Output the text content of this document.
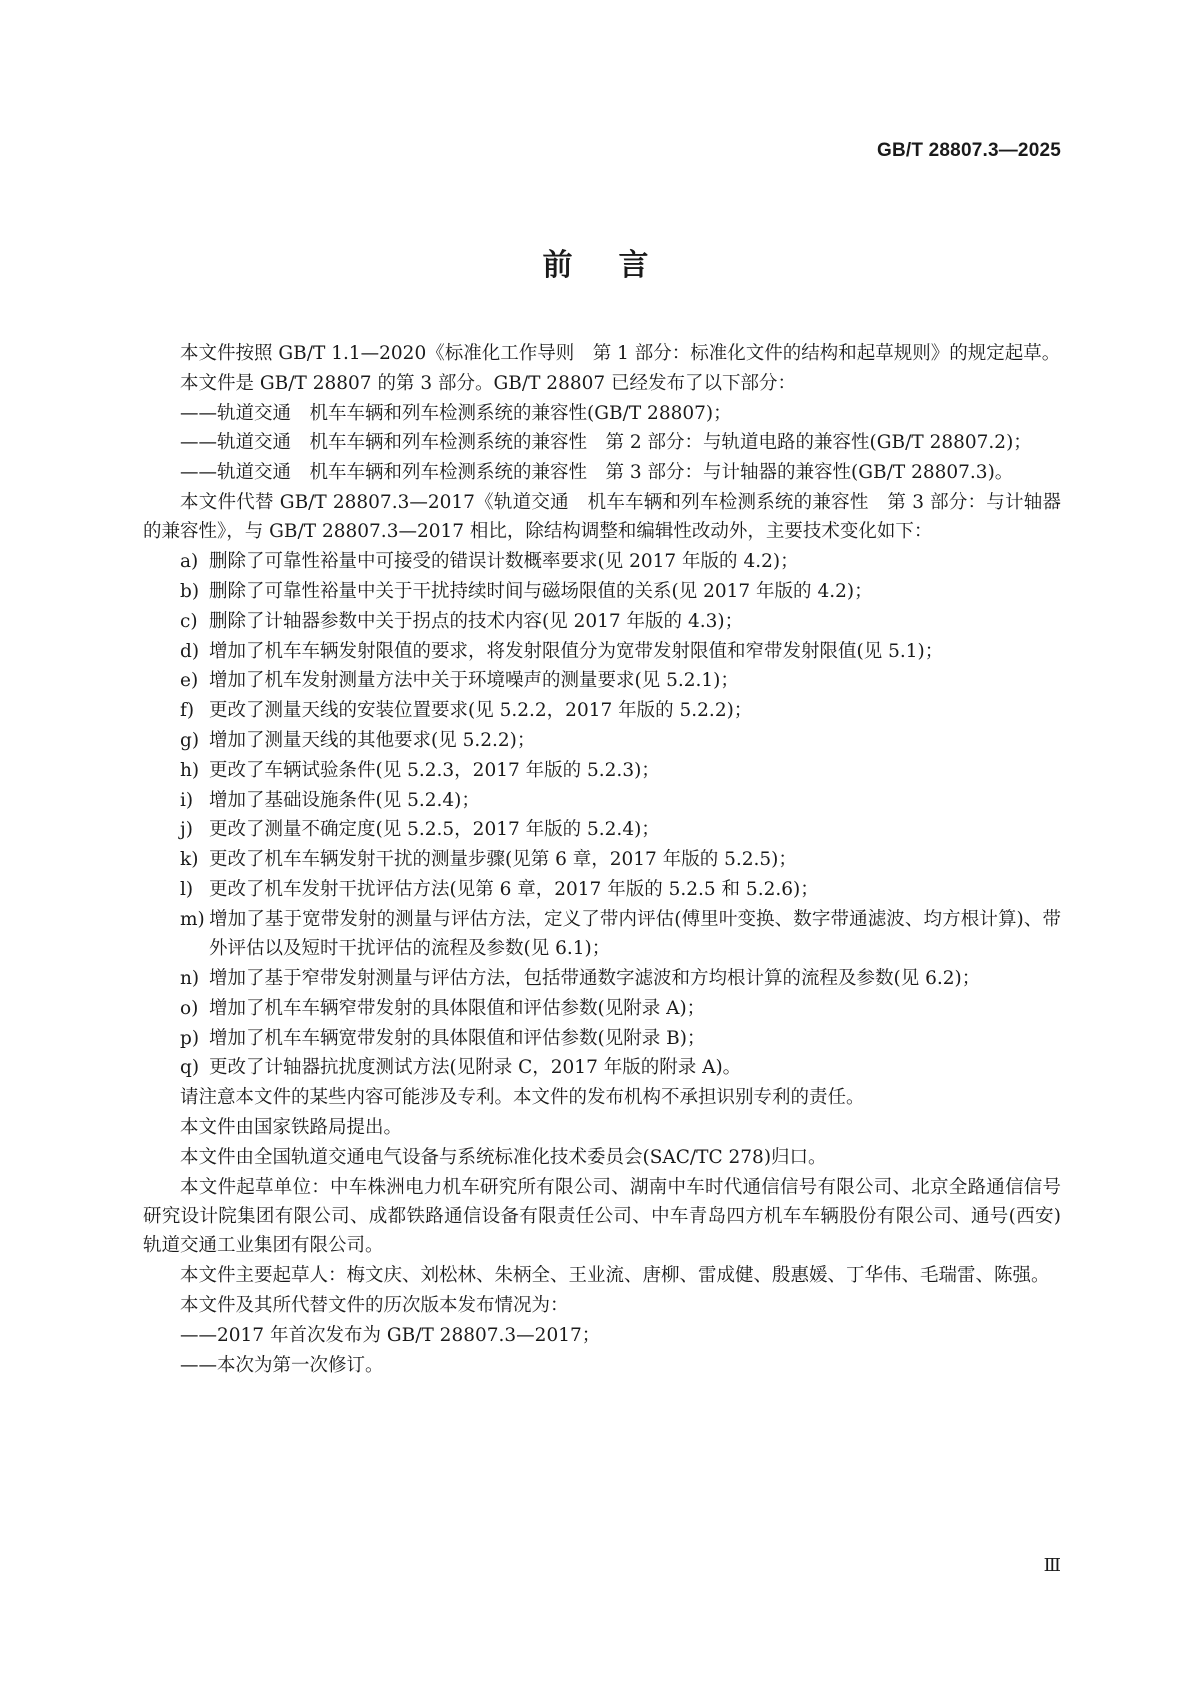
GB/T 28807.3—2025
前言

本文件按照 GB/T 1.1—2020《标准化工作导则　第 1 部分：标准化文件的结构和起草规则》的规定起草。

本文件是 GB/T 28807 的第 3 部分。GB/T 28807 已经发布了以下部分：

——轨道交通　机车车辆和列车检测系统的兼容性(GB/T 28807)；

——轨道交通　机车车辆和列车检测系统的兼容性　第 2 部分：与轨道电路的兼容性(GB/T 28807.2)；

——轨道交通　机车车辆和列车检测系统的兼容性　第 3 部分：与计轴器的兼容性(GB/T 28807.3)。

本文件代替 GB/T 28807.3—2017《轨道交通　机车车辆和列车检测系统的兼容性　第 3 部分：与计轴器的兼容性》，与 GB/T 28807.3—2017 相比，除结构调整和编辑性改动外，主要技术变化如下：

a) 删除了可靠性裕量中可接受的错误计数概率要求(见 2017 年版的 4.2)；

b) 删除了可靠性裕量中关于干扰持续时间与磁场限值的关系(见 2017 年版的 4.2)；

c) 删除了计轴器参数中关于拐点的技术内容(见 2017 年版的 4.3)；

d) 增加了机车车辆发射限值的要求，将发射限值分为宽带发射限值和窄带发射限值(见 5.1)；

e) 增加了机车发射测量方法中关于环境噪声的测量要求(见 5.2.1)；

f) 更改了测量天线的安装位置要求(见 5.2.2，2017 年版的 5.2.2)；

g) 增加了测量天线的其他要求(见 5.2.2)；

h) 更改了车辆试验条件(见 5.2.3，2017 年版的 5.2.3)；

i) 增加了基础设施条件(见 5.2.4)；

j) 更改了测量不确定度(见 5.2.5，2017 年版的 5.2.4)；

k) 更改了机车车辆发射干扰的测量步骤(见第 6 章，2017 年版的 5.2.5)；

l) 更改了机车发射干扰评估方法(见第 6 章，2017 年版的 5.2.5 和 5.2.6)；

m) 增加了基于宽带发射的测量与评估方法，定义了带内评估(傅里叶变换、数字带通滤波、均方根计算)、带外评估以及短时干扰评估的流程及参数(见 6.1)；

n) 增加了基于窄带发射测量与评估方法，包括带通数字滤波和方均根计算的流程及参数(见 6.2)；

o) 增加了机车车辆窄带发射的具体限值和评估参数(见附录 A)；

p) 增加了机车车辆宽带发射的具体限值和评估参数(见附录 B)；

q) 更改了计轴器抗扰度测试方法(见附录 C，2017 年版的附录 A)。

请注意本文件的某些内容可能涉及专利。本文件的发布机构不承担识别专利的责任。

本文件由国家铁路局提出。

本文件由全国轨道交通电气设备与系统标准化技术委员会(SAC/TC 278)归口。

本文件起草单位：中车株洲电力机车研究所有限公司、湖南中车时代通信信号有限公司、北京全路通信信号研究设计院集团有限公司、成都铁路通信设备有限责任公司、中车青岛四方机车车辆股份有限公司、通号(西安)轨道交通工业集团有限公司。

本文件主要起草人：梅文庆、刘松林、朱柄全、王业流、唐柳、雷成健、殷惠媛、丁华伟、毛瑞雷、陈强。

本文件及其所代替文件的历次版本发布情况为：

——2017 年首次发布为 GB/T 28807.3—2017；

——本次为第一次修订。

Ⅲ
